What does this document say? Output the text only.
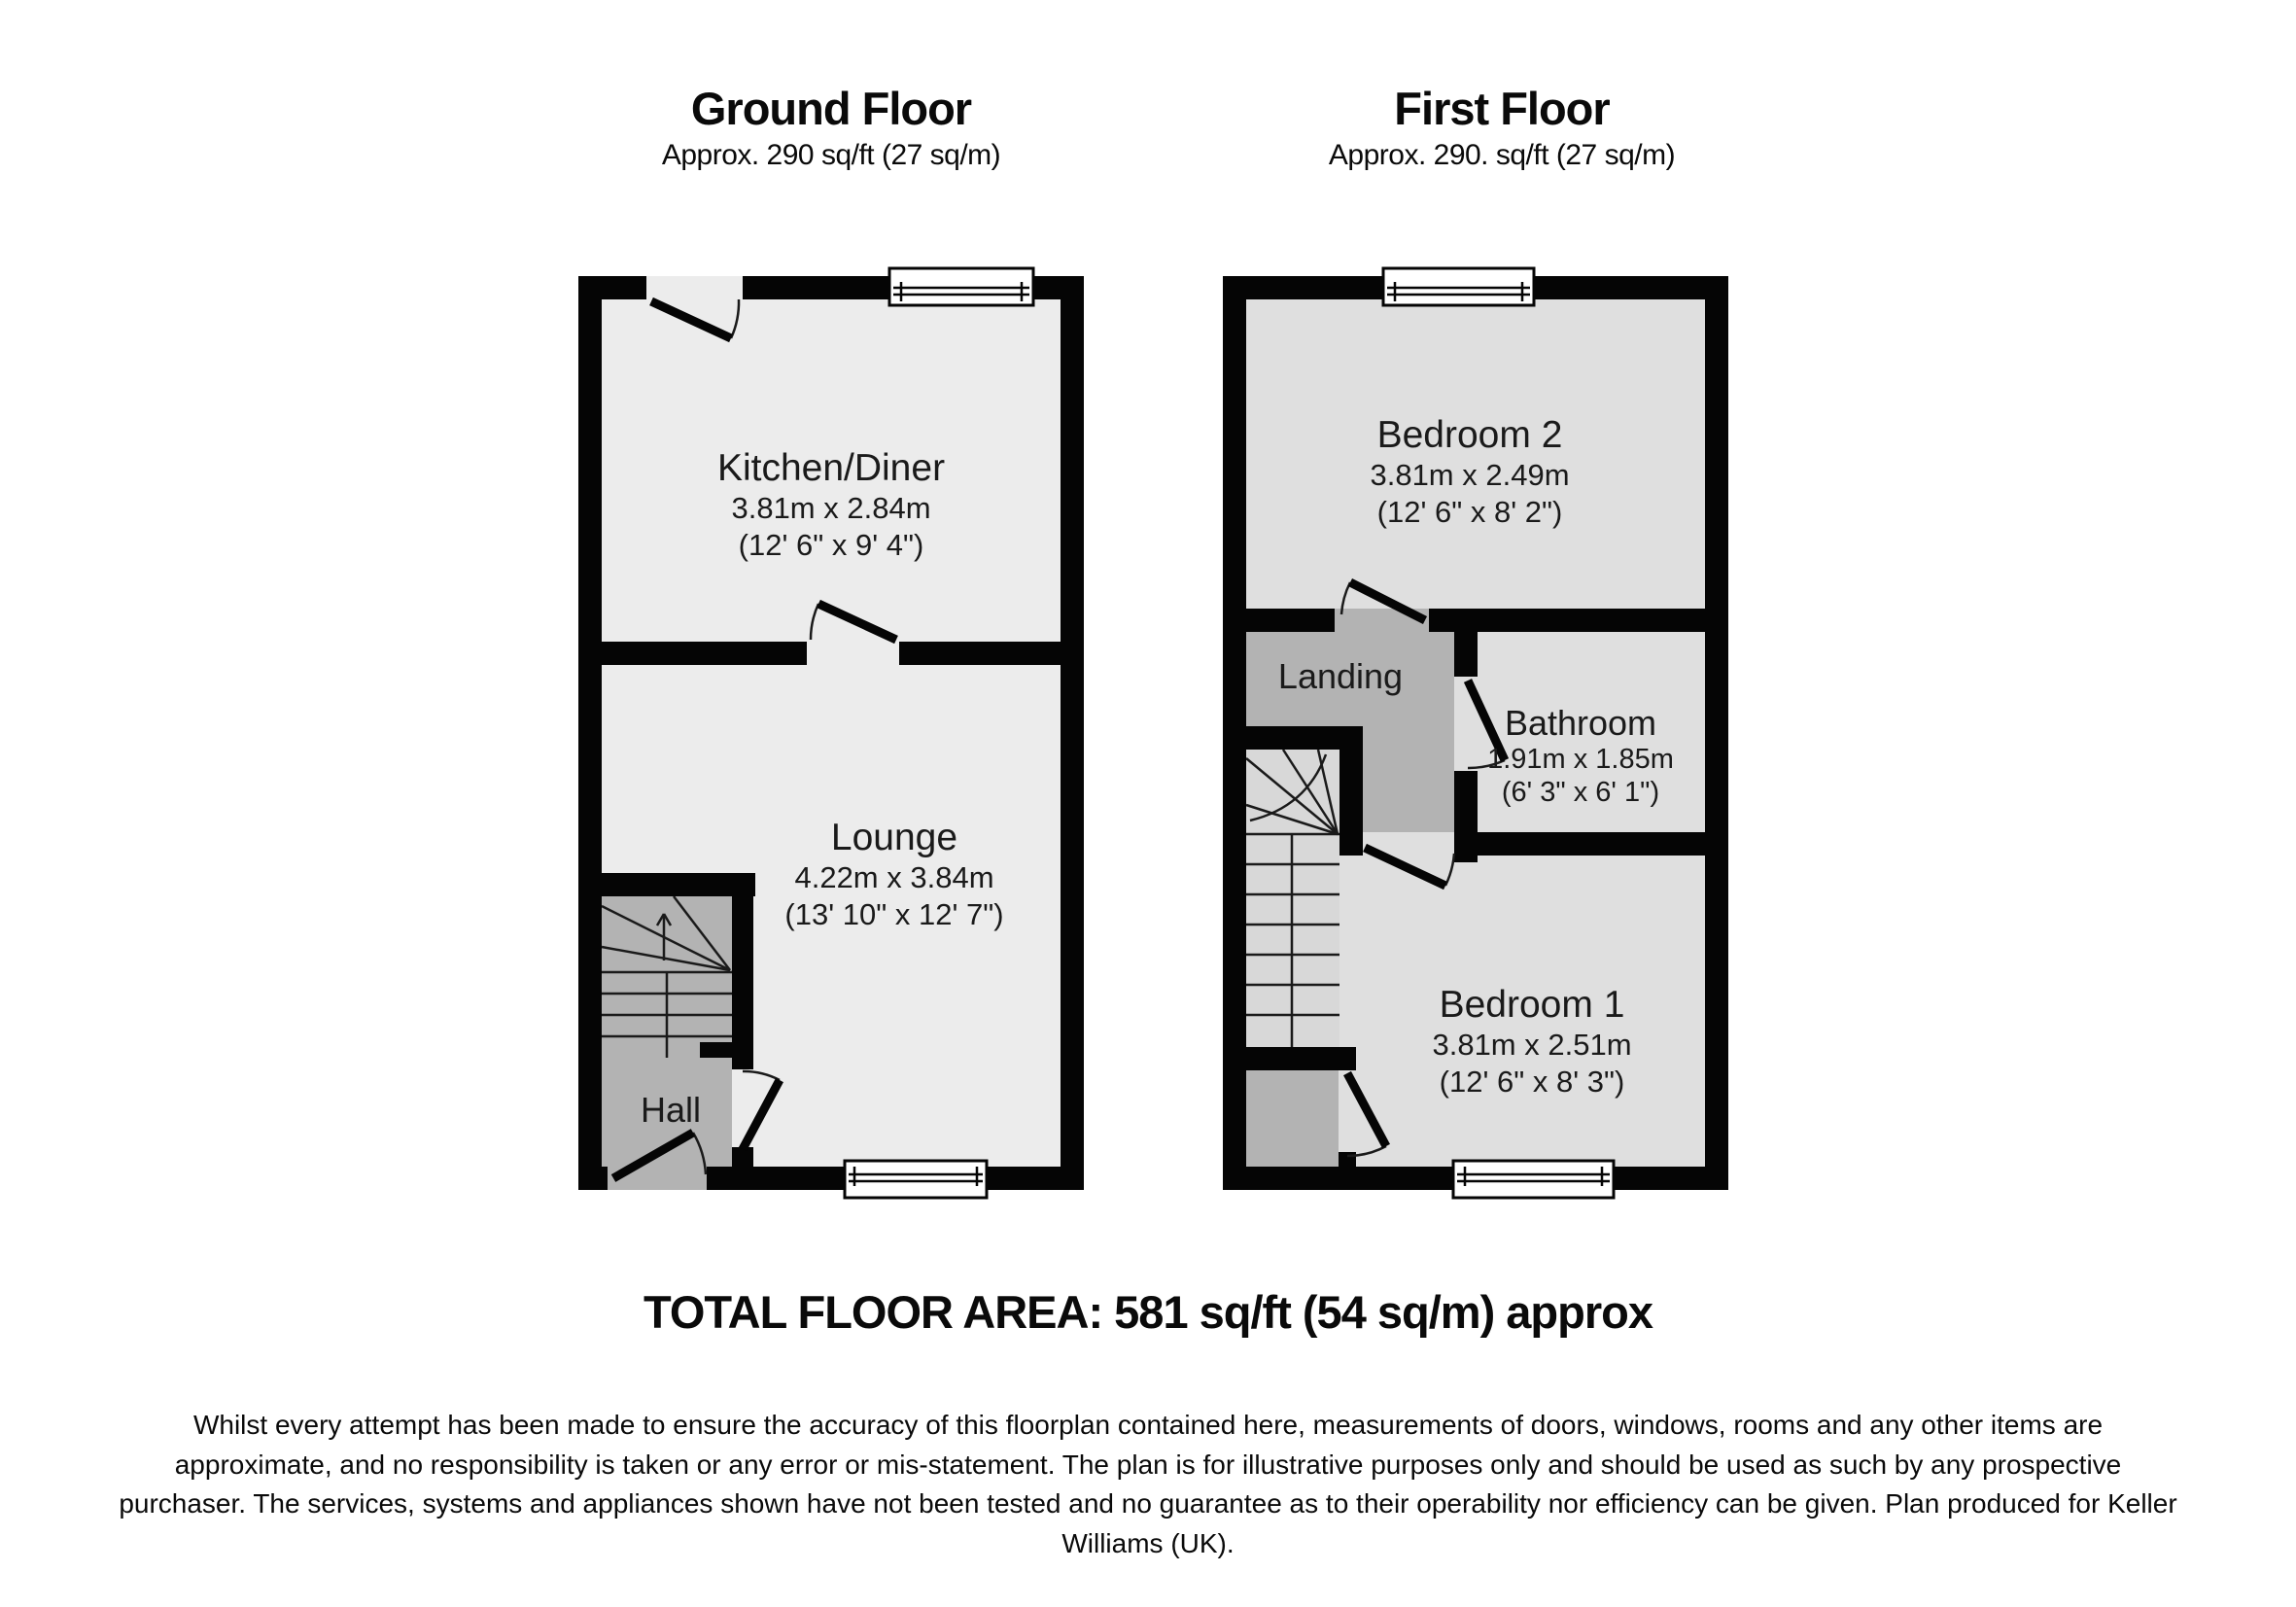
Ground Floor
Approx. 290 sq/ft (27 sq/m)
First Floor
Approx. 290. sq/ft (27 sq/m)
Kitchen/Diner
3.81m x 2.84m
(12' 6" x 9' 4")
Lounge
4.22m x 3.84m
(13' 10" x 12' 7")
Hall
Bedroom 2
3.81m x 2.49m
(12' 6" x 8' 2")
Landing
Bathroom
1.91m x 1.85m
(6' 3" x 6' 1")
Bedroom 1
3.81m x 2.51m
(12' 6" x 8' 3")
TOTAL FLOOR AREA: 581 sq/ft (54 sq/m) approx
Whilst every attempt has been made to ensure the accuracy of this floorplan contained here, measurements of doors, windows, rooms and any other items are approximate, and no responsibility is taken or any error or mis-statement. The plan is for illustrative purposes only and should be used as such by any prospective purchaser. The services, systems and appliances shown have not been tested and no guarantee as to their operability nor efficiency can be given. Plan produced for Keller Williams (UK).
